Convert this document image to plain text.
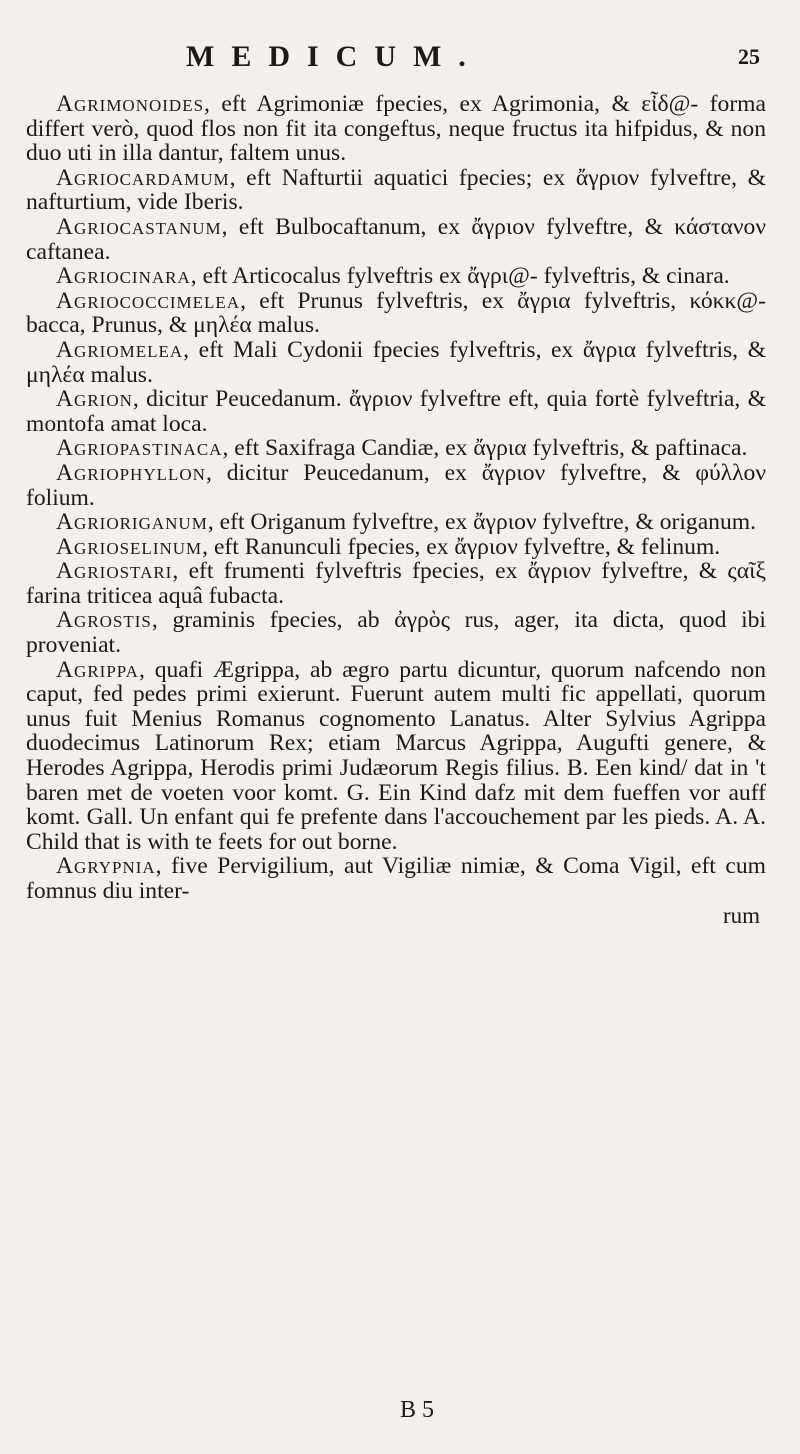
MEDICUM.	25

Agrimonoides, eft Agrimoniæ fpecies, ex Agrimonia, & εἶδ@- forma differt verò, quod flos non fit ita congeftus, neque fructus ita hifpidus, & non duo uti in illa dantur, faltem unus.

Agriocardamum, eft Nafturtii aquatici fpecies; ex ἄγριον fylveftre, & nafturtium, vide Iberis.

Agriocastanum, eft Bulbocaftanum, ex ἄγριον fylveftre, & κάστανον caftanea.

Agriocinara, eft Articocalus fylveftris ex ἄγρι@- fylveftris, & cinara.

Agriococcimelea, eft Prunus fylveftris, ex ἄγρια fylveftris, κόκκ@- bacca, Prunus, & μηλέα malus.

Agriomelea, eft Mali Cydonii fpecies fylveftris, ex ἄγρια fylveftris, & μηλέα malus.

Agrion, dicitur Peucedanum. ἄγριον fylveftre eft, quia fortè fylveftria, & montofa amat loca.

Agriopastinaca, eft Saxifraga Candiæ, ex ἄγρια fylveftris, & paftinaca.

Agriophyllon, dicitur Peucedanum, ex ἄγριον fylveftre, & φύλλον folium.

Agrioriganum, eft Origanum fylveftre, ex ἄγριον fylveftre, & origanum.

Agrioselinum, eft Ranunculi fpecies, ex ἄγριον fylveftre, & felinum.

Agriostari, eft frumenti fylveftris fpecies, ex ἄγριον fylveftre, & ςαῖξ farina triticea aquâ fubacta.

Agrostis, graminis fpecies, ab ἀγρὸς rus, ager, ita dicta, quod ibi proveniat.

Agrippa, quafi Ægrippa, ab ægro partu dicuntur, quorum nafcendo non caput, fed pedes primi exierunt. Fuerunt autem multi fic appellati, quorum unus fuit Menius Romanus cognomento Lanatus. Alter Sylvius Agrippa duodecimus Latinorum Rex; etiam Marcus Agrippa, Augufti genere, & Herodes Agrippa, Herodis primi Judæorum Regis filius. B. Een kind/ dat in 't baren met de voeten voor komt. G. Ein Kind dafz mit dem fueffen vor auff komt. Gall. Un enfant qui fe prefente dans l'accouchement par les pieds. A. A. Child that is with te feets for out borne.

Agrypnia, five Pervigilium, aut Vigiliæ nimiæ, & Coma Vigil, eft cum fomnus diu inter-

rum
B 5
